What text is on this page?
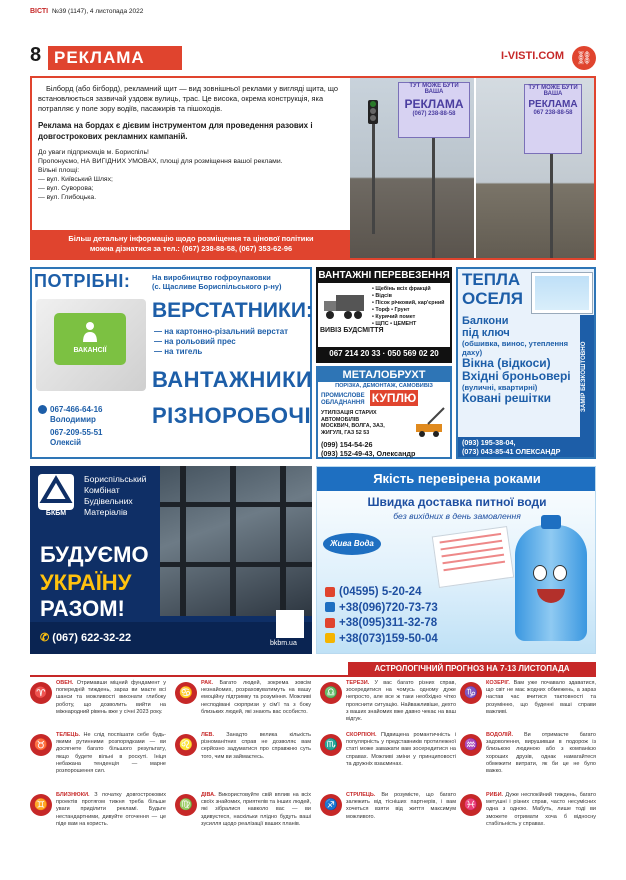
ВІСТІ №39 (1147), 4 листопада 2022
8 РЕКЛАМА	I-VISTI.COM ⛓

Білборд (або бігборд), рекламний щит — вид зовнішньої реклами у вигляді щита, що встановлюється зазвичай уздовж вулиць, трас. Це висока, окрема конструкція, яка потрапляє у поле зору водіїв, пасажирів та пішоходів.

Реклама на бордах є дієвим інструментом для проведення разових і довгострокових рекламних кампаній.

До уваги підприємців м. Бориспіль!
Пропонуємо, НА ВИГІДНИХ УМОВАХ, площі для розміщення вашої реклами.
Вільні площі:
— вул. Київський Шлях;
— вул. Суворова;
— вул. Глибоцька.
Більш детальну інформацію щодо розміщення та цінової політики
можна дізнатися за тел.: (067) 238-88-58, (067) 353-62-96
ТУТ МОЖЕ БУТИ
ВАША
РЕКЛАМА
(067) 238-88-58
ТУТ МОЖЕ БУТИ
ВАША
РЕКЛАМА
067 238-88-58
ПОТРІБНІ:	На виробництво гофроупаковки
(с. Щасливе Бориспільського р-ну)
ВАКАНСІЇ
ВЕРСТАТНИКИ:
— на картонно-різальний верстат
— на рольовий прес
— на тигель
ВАНТАЖНИКИ
РІЗНОРОБОЧІ
067-466-64-16
Володимир
067-209-55-51
Олексій
ВАНТАЖНІ ПЕРЕВЕЗЕННЯ
• Щебінь всіх фракцій
• Відсів
• Пісок річковий, кар'єрний
• Торф • Грунт
• Курячий помет
• ЩПС • ЦЕМЕНТ
ВИВІЗ БУДСМІТТЯ
067 214 20 33 · 050 569 02 20
МЕТАЛОБРУХТ
ПОРІЗКА, ДЕМОНТАЖ, САМОВИВІЗ
ПРОМИСЛОВЕ
ОБЛАДНАННЯ КУПЛЮ
УТИЛІЗАЦІЯ СТАРИХ
АВТОМОБІЛІВ
МОСКВИЧ, ВОЛГА, ЗАЗ,
ЖИГУЛІ, ГАЗ 52 53
(099) 154-54-26
(093) 152-49-43, Олександр
ТЕПЛА
ОСЕЛЯ
Балкони
під ключ
(обшивка, винос, утеплення даху)
Вікна (відкоси)
Вхідні броньовері
(вуличні, квартирні)
Ковані решітки	ЗАМІР БЕЗКОШТОВНО
(093) 195-38-04,
(073) 043-85-41 ОЛЕКСАНДР
БКБМ
Бориспільський
Комбінат
Будівельних
Матеріалів
БУДУЄМО
УКРАЇНУ
РАЗОМ!
✆ (067) 622-32-22	bkbm.ua
Якість перевірена роками
Швидка доставка питної води
без вихідних в день замовлення
Жива Вода
(04595) 5-20-24
+38(096)720-73-73
+38(095)311-32-78
+38(073)159-50-04
АСТРОЛОГІЧНИЙ ПРОГНОЗ НА 7-13 ЛИСТОПАДА
♈
ОВЕН. Отримавши міцний фундамент у попередній тиждень, зараз ви маєте всі шанси та можливості виконати глибоку роботу, що дозволить вийти на міжнародний рівень вже у січні 2023 року.
♉
ТЕЛЕЦЬ. Не слід поспішати себе будь-якими рутинними розпорядками — ви досягнете багато більшого результату, якщо будете вільні в роскуті. Ініця небажана тенденція — марне розпорошення сил.
♊
БЛИЗНЮКИ. З початку довгострокових проектів протягом тижня треба більше уваги приділити рекламі. Будьте нестандартними, дивуйте оточення — це піде вам на користь.
♋
РАК. Багато людей, зокрема зовсім незнайомих, розраховуватимуть на вашу емоційну підтримку та розуміння. Можливі несподівані сюрпризи у сім'ї та з боку близьких людей, які знають вас особисто.
♌
ЛЕВ. Занадто велика кількість різноманітних справ не дозволяє вам серйозно задуматися про справжню суть того, чим ви займаєтесь.
♍
ДІВА. Використовуйте свій вплив на всіх своїх знайомих, приятелів та інших людей, які зібралися навколо вас — ви здивуєтеся, наскільки плідно будуть ваші зусилля щодо реалізації ваших планів.
♎
ТЕРЕЗИ. У вас багато різних справ, зосередитися на чомусь одному дуже непросто, але все ж таки необхідно чітко прояснити ситуацію. Найважливіше, дехто з ваших знайомих вже давно чекає на ваш відгук.
♏
СКОРПІОН. Підвищена романтичність і популярність у представників протилежної статі може заважати вам зосередитися на справах. Можливі зміни у принциповості та дружніх взаєминах.
♐
СТРІЛЕЦЬ. Ви розумієте, що багато залежить від тісніших партнерів, і вам хочеться взяти від життя максимум можливого.
♑
КОЗЕРІГ. Вам уже почавало здаватися, що світ не має жодних обмежень, а зараз настав час вчитися тактовності та розумінню, що буденні ваші справи важливі.
♒
ВОДОЛІЙ. Ви отримаєте багато задоволення, вирушивши в подорож із близькою людиною або з компанією хороших друзів, однак намагайтеся обмежити витрати, як би це не було важко.
♓
РИБИ. Дуже неспокійний тиждень, багато метушні і різних справ, часто несумісних одна з одною. Мабуть, лише тоді ви зможете отримати хоча б відносну стабільність у справах.
